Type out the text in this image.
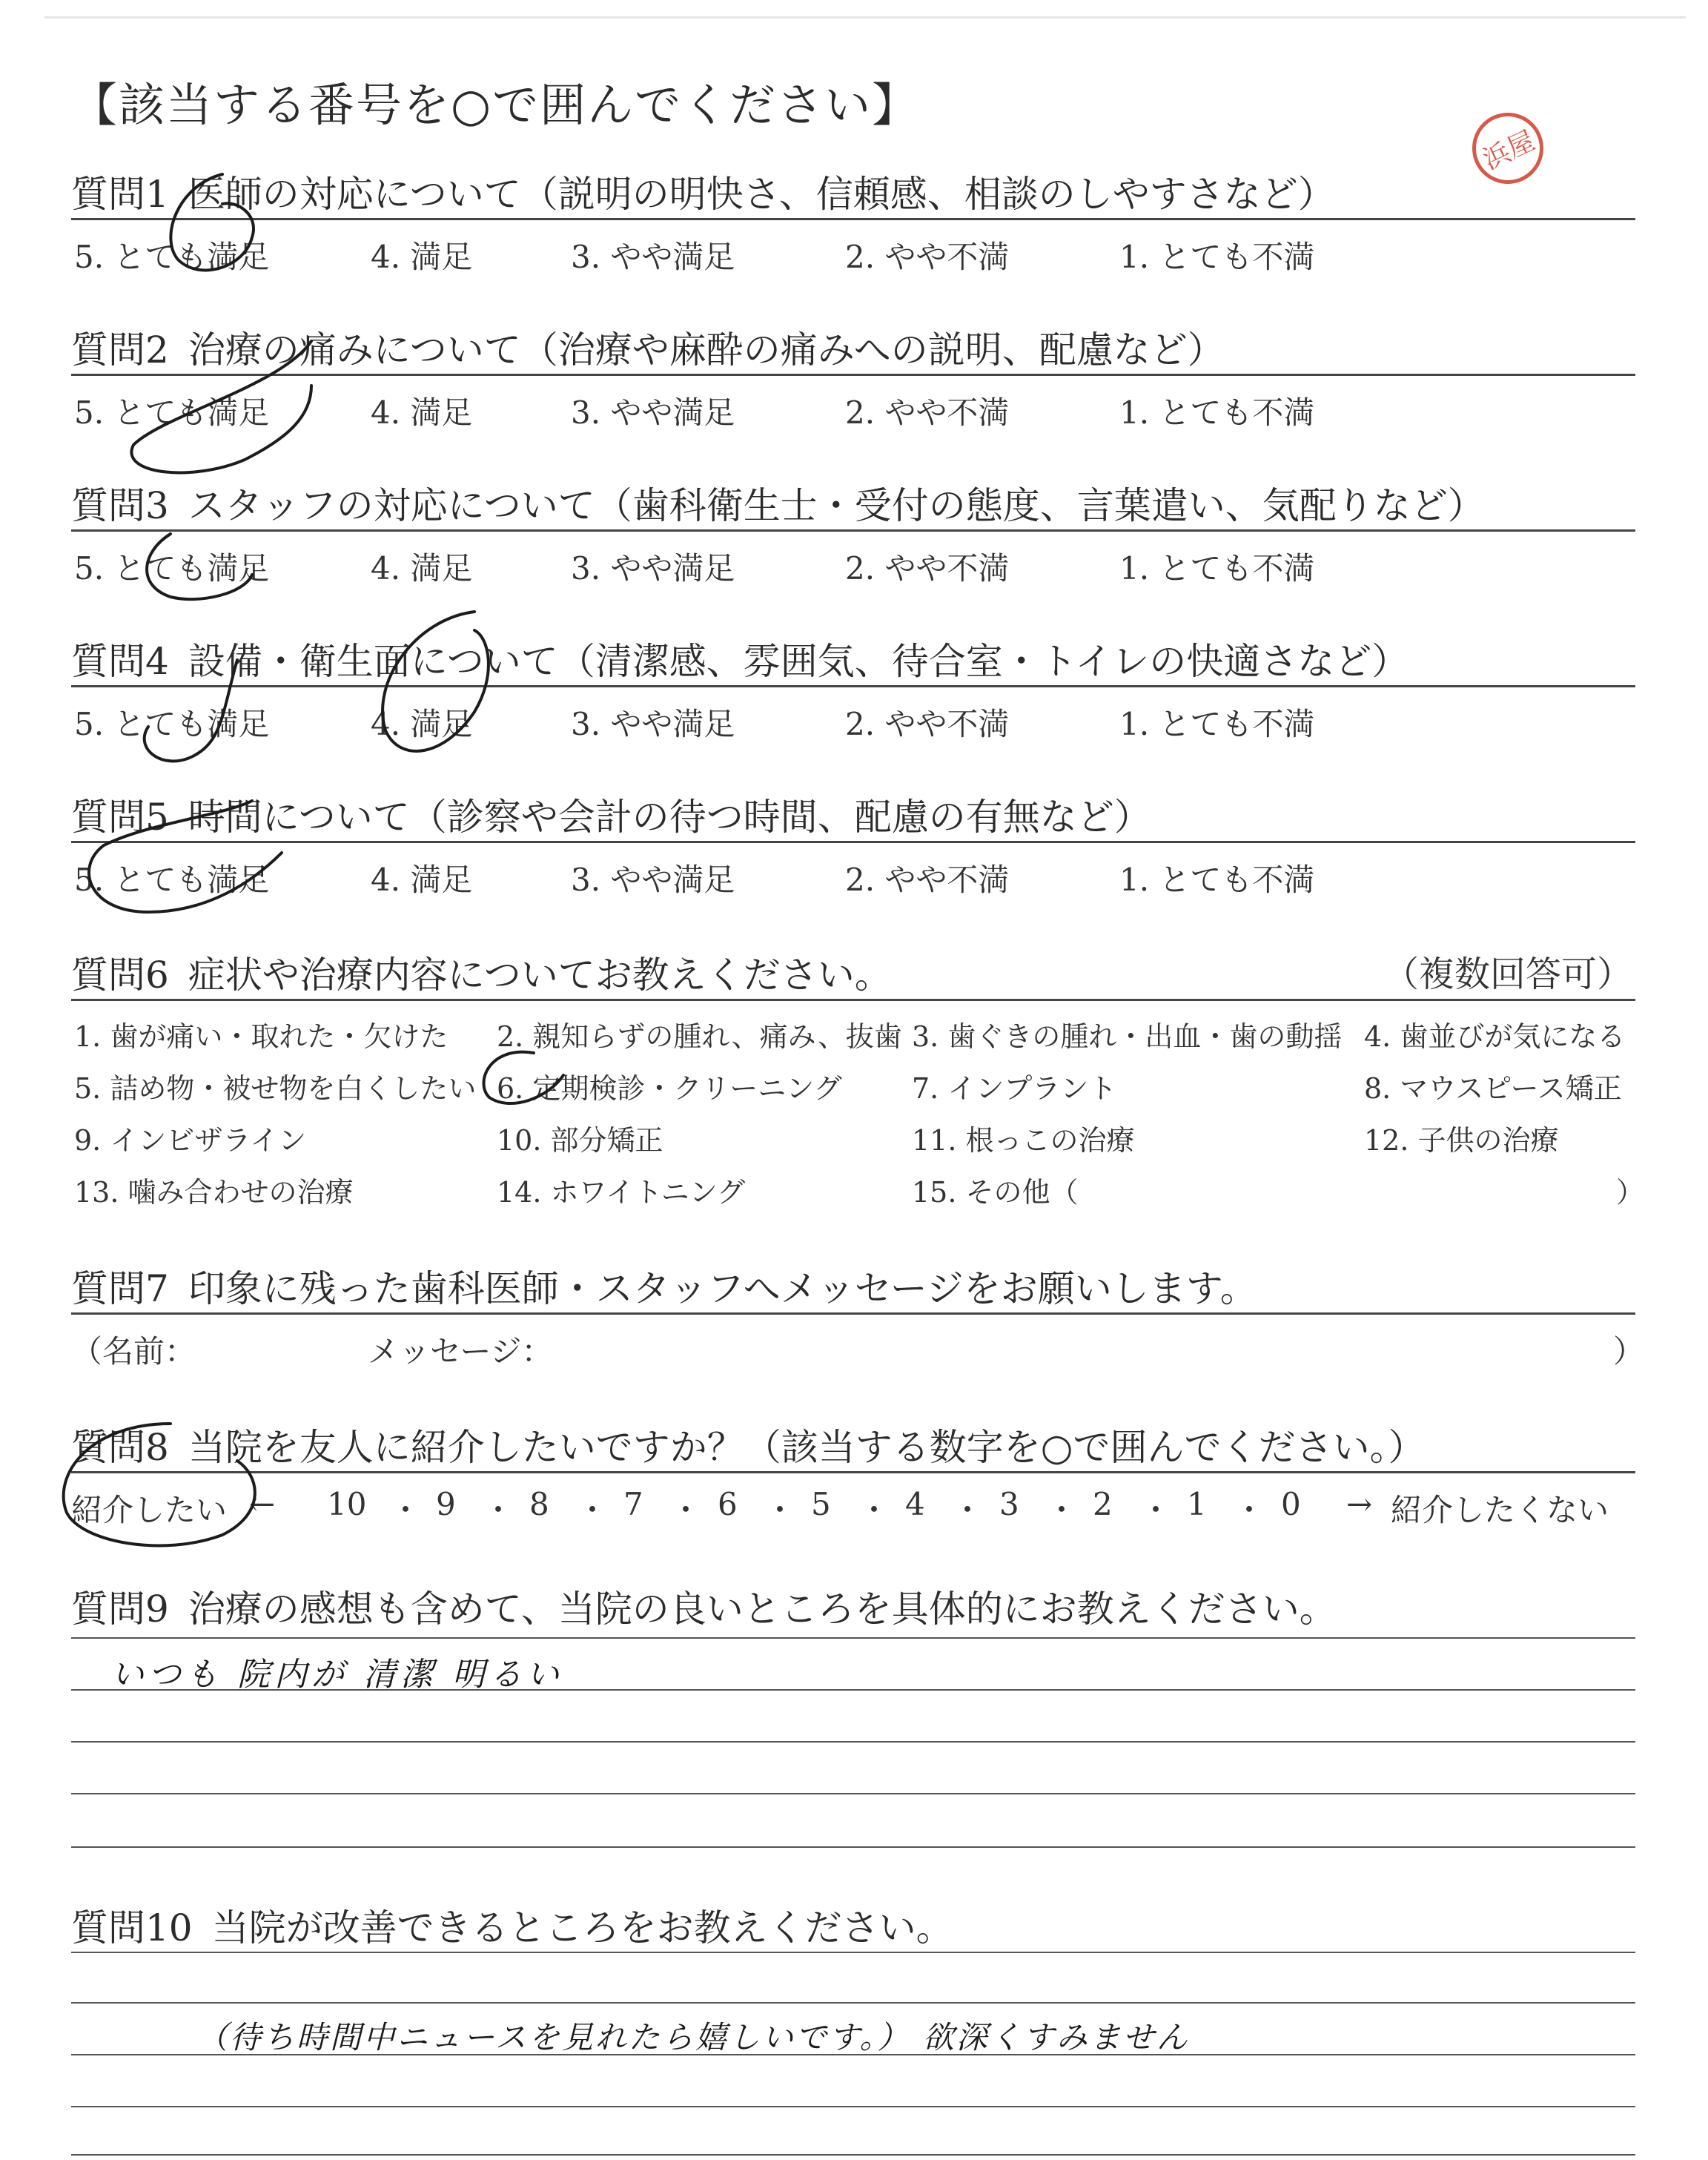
【該当する番号を○で囲んでください】
浜屋
質問1 医師の対応について（説明の明快さ、信頼感、相談のしやすさなど）
5. とても満足	4. 満足	3. やや満足	2. やや不満	1. とても不満
質問2 治療の痛みについて（治療や麻酔の痛みへの説明、配慮など）
5. とても満足	4. 満足	3. やや満足	2. やや不満	1. とても不満
質問3 スタッフの対応について（歯科衛生士・受付の態度、言葉遣い、気配りなど）
5. とても満足	4. 満足	3. やや満足	2. やや不満	1. とても不満
質問4 設備・衛生面について（清潔感、雰囲気、待合室・トイレの快適さなど）
5. とても満足	4. 満足	3. やや満足	2. やや不満	1. とても不満
質問5 時間について（診察や会計の待つ時間、配慮の有無など）
5. とても満足	4. 満足	3. やや満足	2. やや不満	1. とても不満
質問6 症状や治療内容についてお教えください。	（複数回答可）
1. 歯が痛い・取れた・欠けた 2. 親知らずの腫れ、痛み、抜歯 3. 歯ぐきの腫れ・出血・歯の動揺 4. 歯並びが気になる
5. 詰め物・被せ物を白くしたい 6. 定期検診・クリーニング 7. インプラント	8. マウスピース矯正
9. インビザライン	10. 部分矯正	11. 根っこの治療	12. 子供の治療
13. 噛み合わせの治療	14. ホワイトニング	15. その他（	）
質問7 印象に残った歯科医師・スタッフへメッセージをお願いします。
（名前：	メッセージ：	）
質問8 当院を友人に紹介したいですか？（該当する数字を○で囲んでください。）
紹介したい ← 10 ・ 9 ・ 8 ・ 7 ・ 6 ・ 5 ・ 4 ・ 3 ・ 2 ・ 1 ・ 0 → 紹介したくない
質問9 治療の感想も含めて、当院の良いところを具体的にお教えください。
いつも 院内が 清潔 明るい
質問10 当院が改善できるところをお教えください。
（待ち時間中ニュースを見れたら嬉しいです。） 欲深くすみません
